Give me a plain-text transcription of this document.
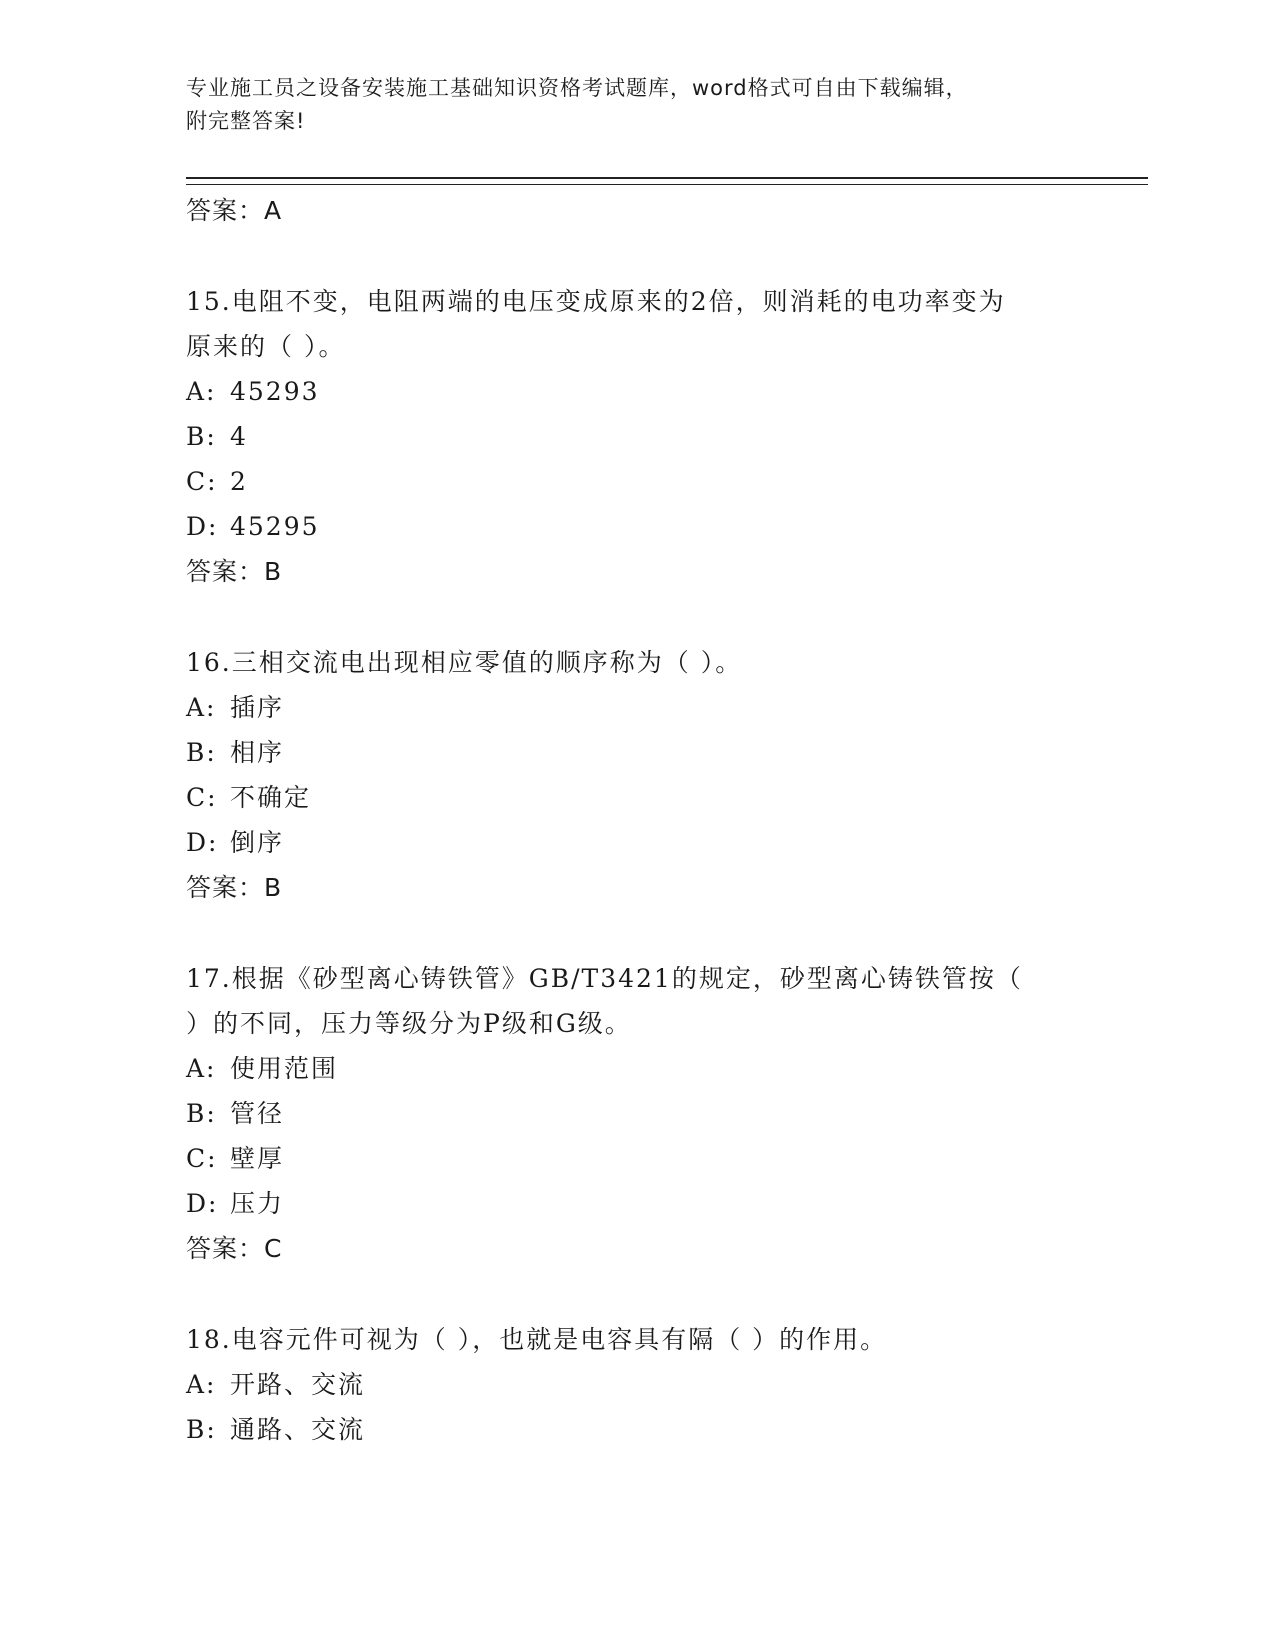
专业施工员之设备安装施工基础知识资格考试题库，word格式可自由下载编辑，
附完整答案!
答案：A
15.电阻不变，电阻两端的电压变成原来的2倍，则消耗的电功率变为
原来的（ ）。
A: 45293
B: 4
C: 2
D: 45295
答案：B
16.三相交流电出现相应零值的顺序称为（ ）。
A: 插序
B: 相序
C: 不确定
D: 倒序
答案：B
17.根据《砂型离心铸铁管》GB/T3421的规定，砂型离心铸铁管按（
）的不同，压力等级分为P级和G级。
A: 使用范围
B: 管径
C: 壁厚
D: 压力
答案：C
18.电容元件可视为（ ），也就是电容具有隔（ ）的作用。
A: 开路、交流
B: 通路、交流
